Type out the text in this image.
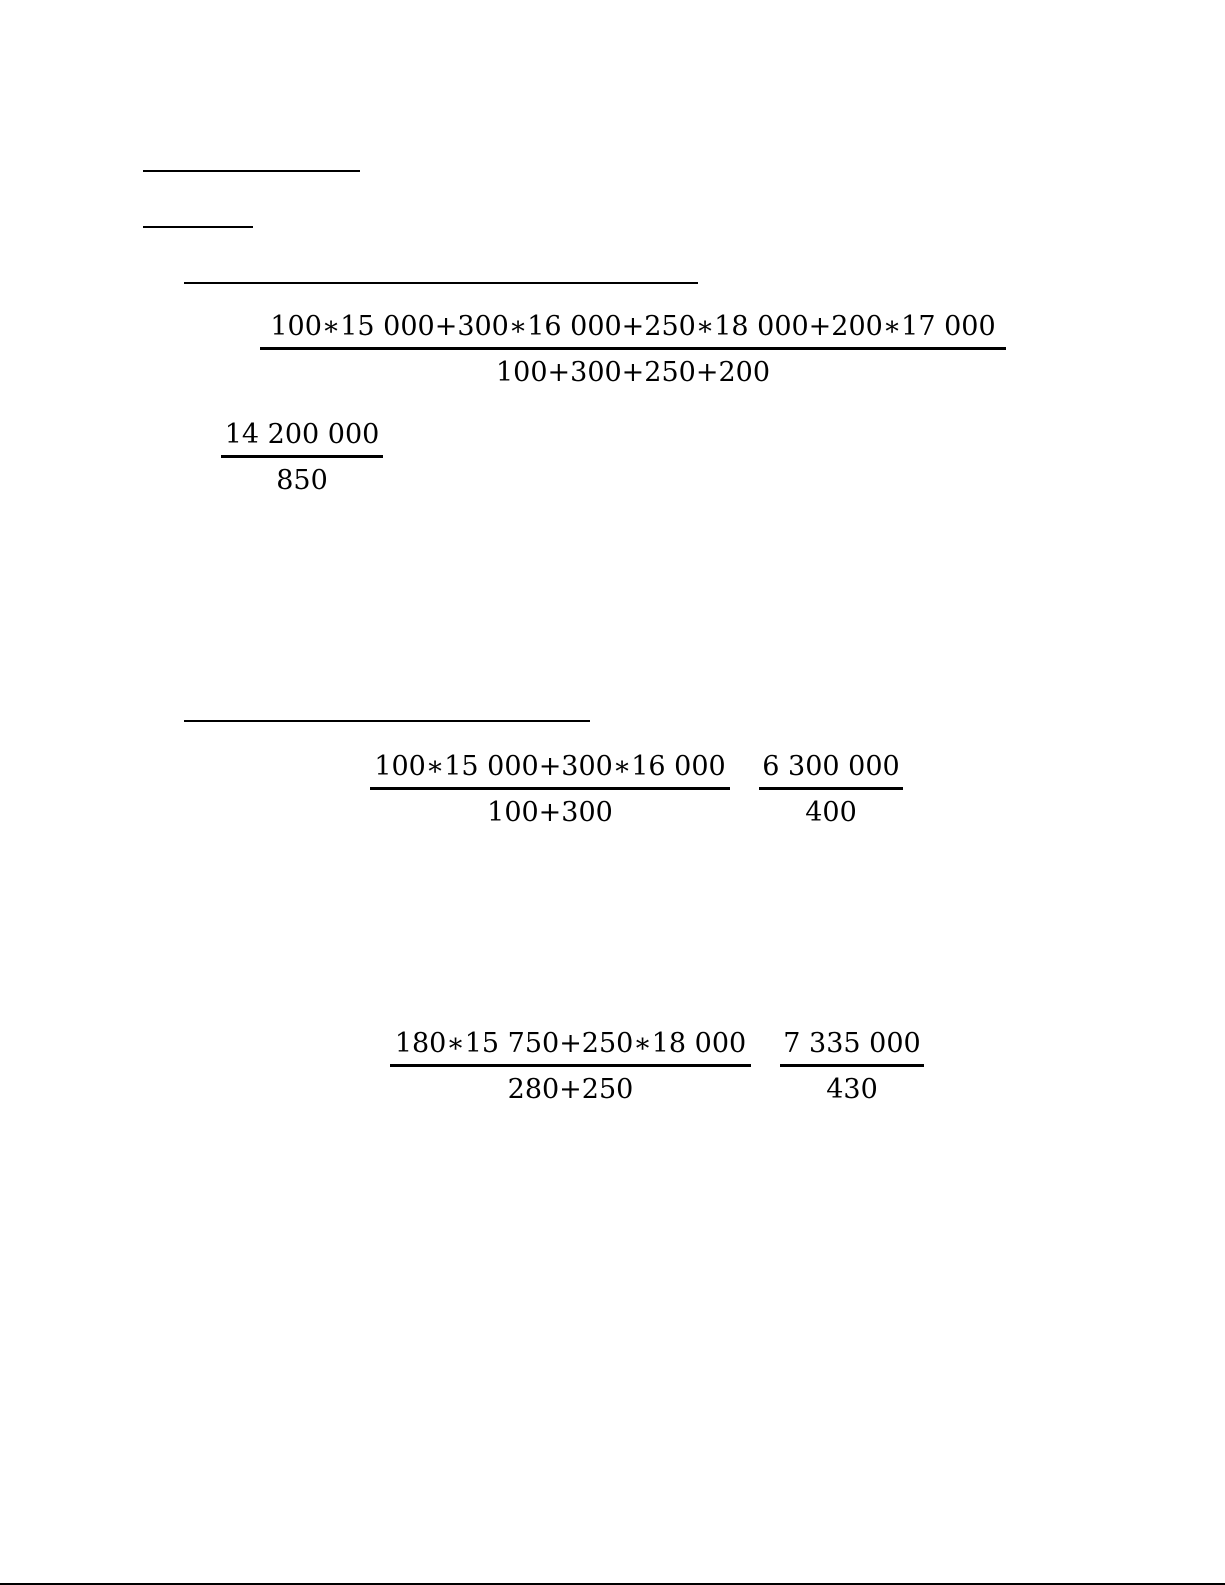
100∗15 000+300∗16 000+250∗18 000+200∗17 000
100+300+250+200
14 200 000
850
100∗15 000+300∗16 000
100+300
6 300 000
400
180∗15 750+250∗18 000
280+250
7 335 000
430
